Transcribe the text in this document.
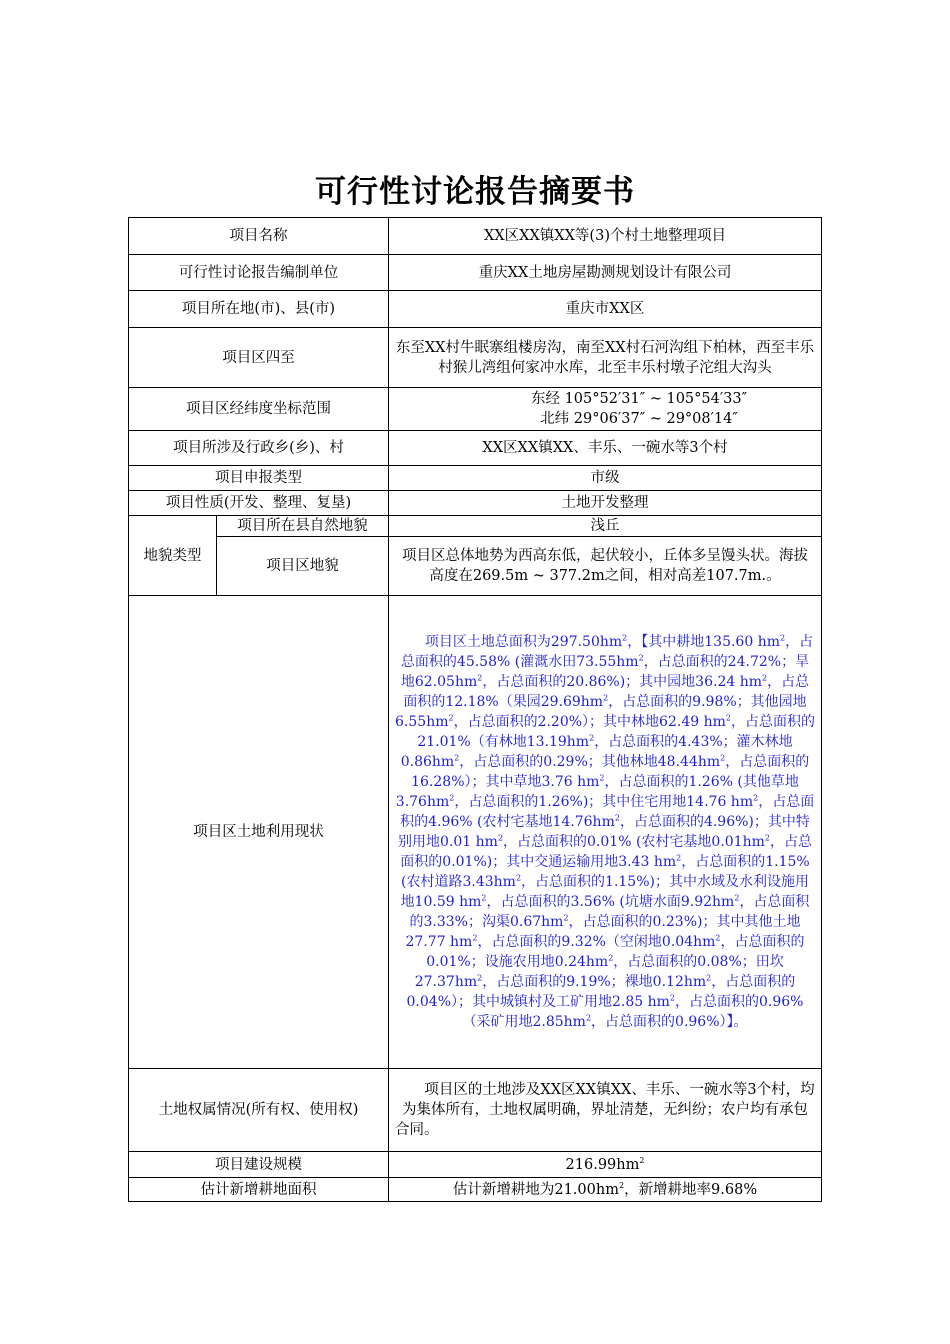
可行性讨论报告摘要书
项目名称		XX区XX镇XX等(3)个村土地整理项目
可行性讨论报告编制单位		重庆XX土地房屋勘测规划设计有限公司
项目所在地(市)、县(市)		重庆市XX区
项目区四至		东至XX村牛眠寨组楼房沟，南至XX村石河沟组下柏林，西至丰乐村猴儿湾组何家冲水库，北至丰乐村墩子沱组大沟头
项目区经纬度坐标范围		东经 105°52′31″ ~ 105°54′33″
北纬 29°06′37″ ~ 29°08′14″

项目所涉及行政乡(乡)、村		XX区XX镇XX、丰乐、一碗水等3个村
项目申报类型		市级
项目性质(开发、整理、复垦)		土地开发整理
地貌类型	项目所在县自然地貌	浅丘
	项目区地貌	项目区总体地势为西高东低，起伏较小，丘体多呈馒头状。海拔高度在269.5m ~ 377.2m之间，相对高差107.7m.。
项目区土地利用现状		项目区土地总面积为$297.50hm^2$，【其中耕地135.60 $hm^2$，占总面积的45.58% (灌溉水田$73.55hm^2$，占总面积的24.72%；旱地$62.05hm^2$，占总面积的20.86%)；其中园地36.24 $hm^2$，占总面积的12.18%（果园$29.69hm^2$，占总面积的9.98%；其他园地$6.55hm^2$，占总面积的2.20%）；其中林地62.49 $hm^2$，占总面积的21.01%（有林地$13.19hm^2$，占总面积的4.43%；灌木林地$0.86hm^2$，占总面积的0.29%；其他林地$48.44hm^2$，占总面积的16.28%）；其中草地3.76 $hm^2$，占总面积的1.26% (其他草地$3.76hm^2$，占总面积的1.26%)；其中住宅用地14.76 $hm^2$，占总面积的4.96% (农村宅基地$14.76hm^2$，占总面积的4.96%)；其中特别用地0.01 $hm^2$，占总面积的0.01% (农村宅基地$0.01hm^2$，占总面积的0.01%)；其中交通运输用地3.43 $hm^2$，占总面积的1.15% (农村道路$3.43hm^2$，占总面积的1.15%)；其中水域及水利设施用地10.59 $hm^2$，占总面积的3.56% (坑塘水面$9.92hm^2$，占总面积的3.33%；沟渠$0.67hm^2$，占总面积的0.23%)；其中其他土地27.77 $hm^2$，占总面积的9.32%（空闲地$0.04hm^2$，占总面积的0.01%；设施农用地$0.24hm^2$，占总面积的0.08%；田坎$27.37hm^2$，占总面积的9.19%；裸地$0.12hm^2$，占总面积的0.04%）；其中城镇村及工矿用地2.85 $hm^2$，占总面积的0.96%（采矿用地$2.85hm^2$，占总面积的0.96%）】。

土地权属情况(所有权、使用权)		项目区的土地涉及XX区XX镇XX、丰乐、一碗水等3个村，均为集体所有，土地权属明确，界址清楚，无纠纷；农户均有承包合同。
项目建设规模		$216.99hm^2$
估计新增耕地面积		估计新增耕地为$21.00hm^2$，新增耕地率9.68%
